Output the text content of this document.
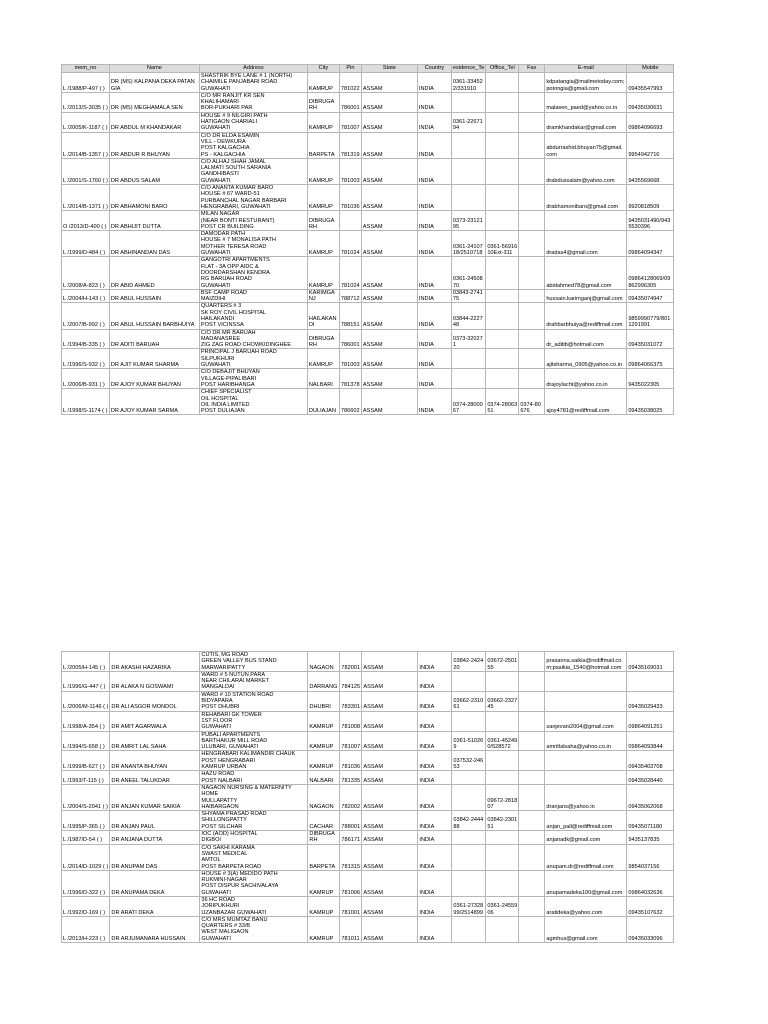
mem_no	Name	Address	City	Pin	State	Country	esidence_Te	Office_Tel	Fax	E-mail	Mobile
L /1988/P-497 ( )	DR (MS) KALPANA DEKA PATANGIA	SHASTRIK BYE LANE # 1 (NORTH)
CHAIMILE PANJABARI ROAD
GUWAHATI	KAMRUP	781022	ASSAM	INDIA	0361-334522/331910			kdpatangia@mailmetoday.com;potongia@gmail.com	09435547993
L /2013/S-3035 ( )	DR (MS) MEGHAMALA SEN	C/O MR RANJIT KR SEN
KHALIHAMARI
BOR-PUKHARI PAR	DIBRUGARH	786001	ASSAM	INDIA				malasen_paed@yahoo.co.in	09435030631
L /2005/K-1187 ( )	DR ABDUL M KHANDAKAR	HOUSE # 9 NILGIRI PATH
HATIGAON CHARIALI
GUWAHATI	KAMRUP	781007	ASSAM	INDIA	0361-2267194			dramkhandakar@gmail.com	09864096693
L /2014/B-1357 ( )	DR ABDUR R BHUYAN	C/O DR ELDA ESAMIN
VILL - DEWKURA
POST KALGACHIA
PS - KALGACHIA	BARPETA	781319	ASSAM	INDIA				abdurrashid.bhuyan75@gmail.com	9954942716
L /2001/S-1760 ( )	DR ABDUS SALAM	C/O ALHAJ SHAH JAMAL
LALMATI SOUTH SARANIA
GANDHIBASTI
GUWAHATI	KAMRUP	781003	ASSAM	INDIA				drabdussalam@yahoo.com	9435569668
L /2014/B-1371 ( )	DR ABHAMONI BARO	C/O ANANTA KUMAR BARO
HOUSE # 67 WARD-51
PURBANCHAL NAGAR BARBARI
HENGRABARI, GUWAHATI	KAMRUP	781036	ASSAM	INDIA				drabhamonibaro@gmail.com	9920818509
O /2013/D-400 ( )	DR ABHIJIT DUTTA	MILAN NAGAR
(NEAR BONTI RESTURANT)
POST CR BUILDING	DIBRUGARH		ASSAM	INDIA	0373-2312195				9435031490/9435530396
L /1999/D-484 ( )	DR ABHINANDAN DAS	DAMODAR PATH
HOUSE # 7 MONALISA PATH
MOTHER TERESA ROAD
GUWAHATI	KAMRUP	781024	ASSAM	INDIA	0361-2410718/2510718	0361-5691610Ext-311		dradas4@gmail.com	09864094347
L /2008/A-823 ( )	DR ABID AHMED	GANGOTRI APARTMENTS
FLAT - 3A OPP AIDC &
DOORDARSHAN KENDRA
RG BARUAH ROAD
GUWAHATI	KAMRUP	781024	ASSAM	INDIA	0361-2450870			abidahmed78@gmail.com	09864128069/09862996305
L /2004/H-143 ( )	DR ABUL HUSSAIN	BSF CAMP ROAD
MAIZDIHI	KARIMGANJ	788712	ASSAM	INDIA	03843-274175			hussain.karimganj@gmail.com	09435074947
L /2007/B-992 ( )	DR ABUL HUSSAIN BARBHUIYA	QUARTERS # 3
SK ROY CIVIL HOSPITAL
HAILAKANDI
POST VICINSSA	HAILAKANDI	788151	ASSAM	INDIA	03844-222748			drahbarbhuiya@rediffmail.com	9859990779/8011291991
L /1994/B-335 ( )	DR ADITI BARUAH	C/O DR MR BARUAH
MADANASREE
ZIG ZAG ROAD CHOWKIDINGHEE	DIBRUGARH	786001	ASSAM	INDIA	0373-320271			dr_aditib@hotmail.com	09435031072
L /1996/S-932 ( )	DR AJIT KUMAR SHARMA	PRINCIPAL J BARUAH ROAD
SILPUKHURI
GUWAHATI	KAMRUP	781003	ASSAM	INDIA				ajitsharma_0905@yahoo.co.in	09864066375
L /2006/B-931 ( )	DR AJOY KUMAR BHUYAN	C/O DEBAJIT BHUYAN
VILLAGE-PIPALIBARI
POST HARIBHANGA	NALBARI	781378	ASSAM	INDIA				drajoylacht@yahoo.co.in	9435022305
L /1998/S-1174 ( )	DR AJOY KUMAR SARMA	CHIEF SPECIALIST
OIL HOSPITAL
OIL INDIA LIMITED
POST DULIAJAN	DULIAJAN	786602	ASSAM	INDIA	0374-2800067	0374-2806351	0374-80676	ajoy4781@rediffmail.com	09435038025
L /2005/H-145 ( )	DR AKASHI HAZARIKA	CUTIS, MG ROAD
GREEN VALLEY BUS STAND
MARWARIPATTY	NAGAON	782001	ASSAM	INDIA	03842-242420	03672-250155		prasanna.saikia@rediffmail.com;psaikia_1540@hotmail.com	09435169031
L /1996/G-447 ( )	DR ALAKA N GOSWAMI	WARD # 5 NUTUN PARA
NEAR CHILARAI MARKET
MANGALDAI	DARRANG	784125	ASSAM	INDIA					
L /2006/M-1146 ( )	DR ALI ASGOR MONDOL	WARD # 10 STATION ROAD
BIDYAPARA
POST DHUBRI	DHUBRI	783301	ASSAM	INDIA	03662-231061	03662-232745			09435029433
L /1998/A-354 ( )	DR AMIT AGARWALA	REHABARI GK TOWER
1ST FLOOR
GUWAHATI	KAMRUP	781008	ASSAM	INDIA				sanjevani2004@gmail.com	09864091251
L /1994/S-658 ( )	DR AMRIT LAL SAHA	PUBALI APARTMENTS
BARTHAKUR MILL ROAD
ULUBARI, GUWAHATI	KAMRUP	781007	ASSAM	INDIA	0361-510269	0361-452490/528572		amritlalsaha@yahoo.co.in	09864093844
L /1999/B-627 ( )	DR ANANTA BHUYAN	HENGRABARI KALIMANDIR CHAUK
POST HENGRABARI
KAMRUP URBAN	KAMRUP	781036	ASSAM	INDIA	037532-24653				09435403708
L /1993/T-115 ( )	DR ANEEL TALUKDAR	HAZU ROAD
POST NALBARI	NALBARI	781335	ASSAM	INDIA					09435028440
L /2004/S-2041 ( )	DR ANJAN KUMAR SAIKIA	NAGAON NURSING & MATERNITY
HOME
MULLAPATTY
HAIBARGAON	NAGAON	782002	ASSAM	INDIA		09672-281807		dranjans@yahoo.in	09435062068
L /1995/P-365 ( )	DR ANJAN PAUL	SHYAMA PRASAD ROAD
SHILLONGPATTY
POST SILCHAR	CACHAR	788001	ASSAM	INDIA	03842-244488	03842-230151		anjan_pall@rediffmail.com	09435071180
L /1987/D-54 ( )	DR ANJANA DUTTA	IOC (AOD) HOSPITAL
DIGBOI	DIBRUGARH	786171	ASSAM	INDIA				anjanadk@gmail.com	9435137835
L /2014/D-1029 ( )	DR ANUPAM DAS	C/O SAKHI KARAMA
SWAST MEDICAL
AMTOL
POST BARPETA ROAD	BARPETA	781315	ASSAM	INDIA				anupam.dr@rediffmail.com	9854037156
L /1996/D-322 ( )	DR ANUPAMA DEKA	HOUSE # 3(A) MEDIDO PATH
RUKMINI-NAGAR
POST DISPUR SACHIVALAYA
GUWAHATI	KAMRUP	781006	ASSAM	INDIA				anupamadeka100@gmail.com	09864032636
L /1992/D-169 ( )	DR ARATI DEKA	36 HC ROAD
JORIPUKHURI
UZANBAZAR GUWAHATI	KAMRUP	781001	ASSAM	INDIA	0361-2732899/2514899	0361-2455906		aratideka@yahoo.com	09435107632
L /2013/H-223 ( )	DR ARJUMANARA HUSSAIN	C/O MRS MUMTAZ BANU
QUARTERS # 33/B
WEST MALIGAON
GUWAHATI	KAMRUP	781011	ASSAM	INDIA				agmhus@gmail.com	09435033096
